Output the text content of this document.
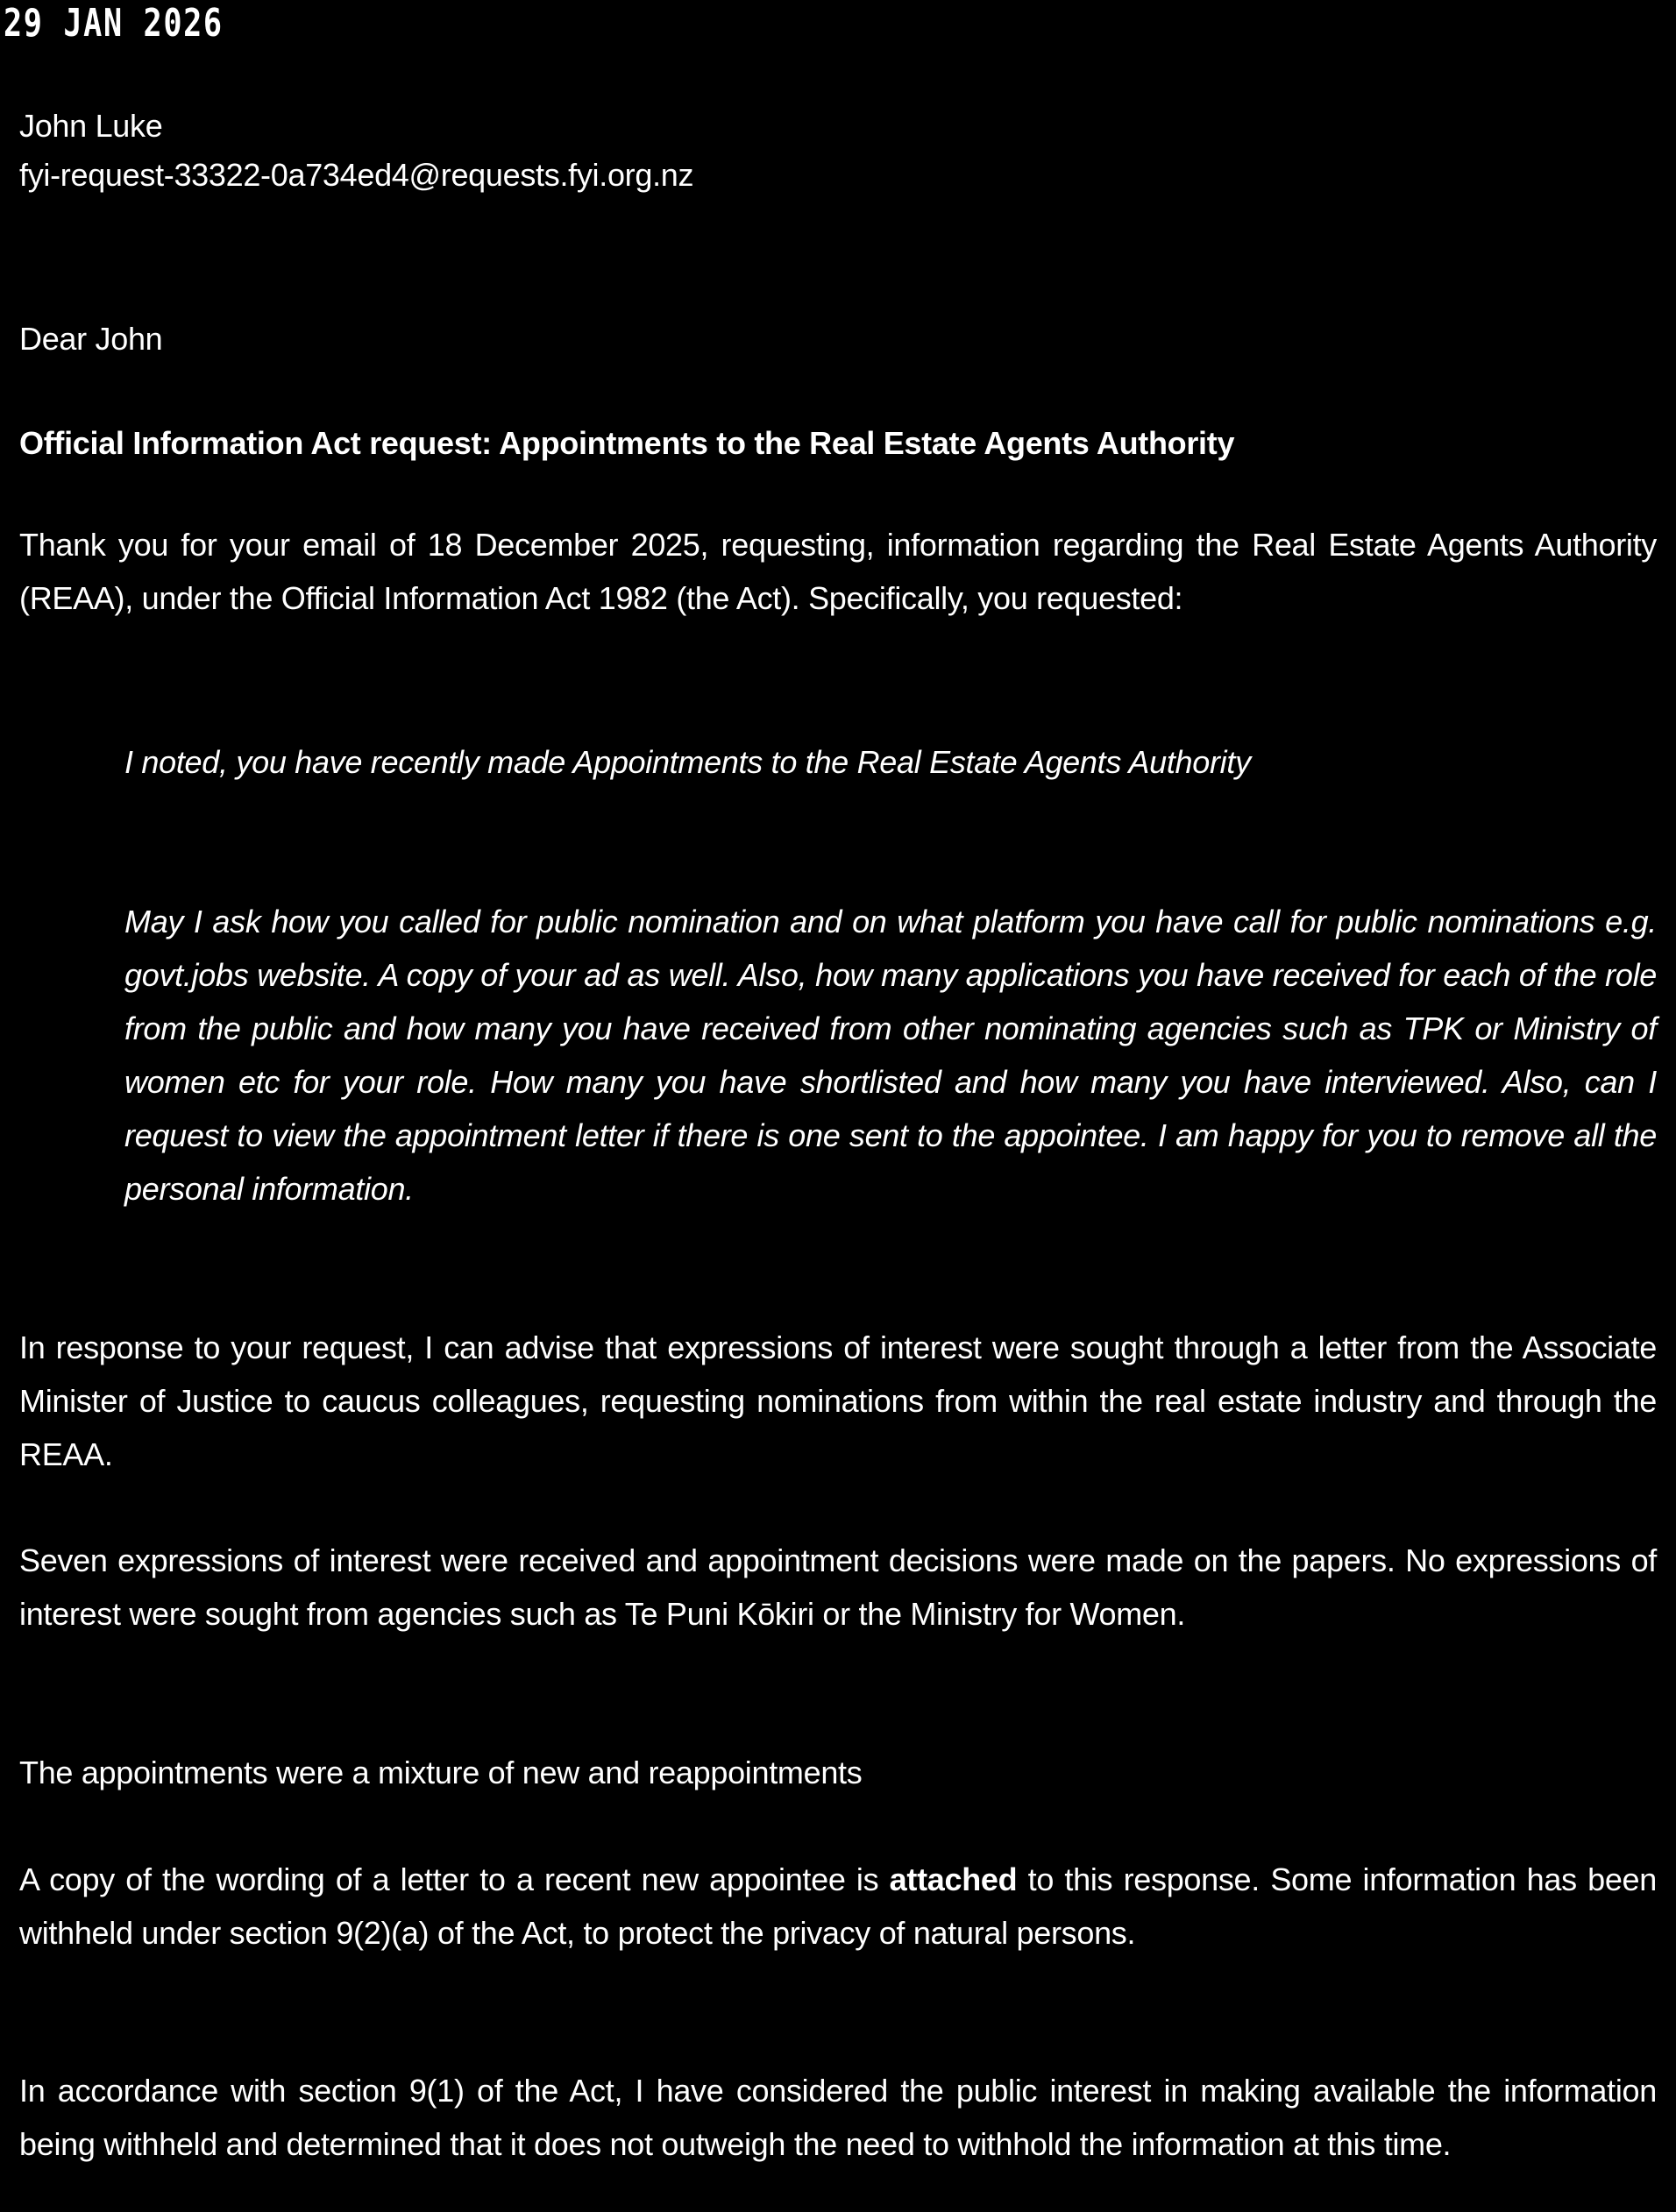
29 JAN 2026
John Luke
fyi-request-33322-0a734ed4@requests.fyi.org.nz
Dear John
Official Information Act request: Appointments to the Real Estate Agents Authority
Thank you for your email of 18 December 2025, requesting, information regarding the Real Estate Agents Authority (REAA), under the Official Information Act 1982 (the Act). Specifically, you requested:
I noted, you have recently made Appointments to the Real Estate Agents Authority
May I ask how you called for public nomination and on what platform you have call for public nominations e.g. govt.jobs website. A copy of your ad as well. Also, how many applications you have received for each of the role from the public and how many you have received from other nominating agencies such as TPK or Ministry of women etc for your role. How many you have shortlisted and how many you have interviewed. Also, can I request to view the appointment letter if there is one sent to the appointee. I am happy for you to remove all the personal information.
In response to your request, I can advise that expressions of interest were sought through a letter from the Associate Minister of Justice to caucus colleagues, requesting nominations from within the real estate industry and through the REAA.
Seven expressions of interest were received and appointment decisions were made on the papers. No expressions of interest were sought from agencies such as Te Puni Kōkiri or the Ministry for Women.
The appointments were a mixture of new and reappointments
A copy of the wording of a letter to a recent new appointee is attached to this response. Some information has been withheld under section 9(2)(a) of the Act, to protect the privacy of natural persons.
In accordance with section 9(1) of the Act, I have considered the public interest in making available the information being withheld and determined that it does not outweigh the need to withhold the information at this time.
